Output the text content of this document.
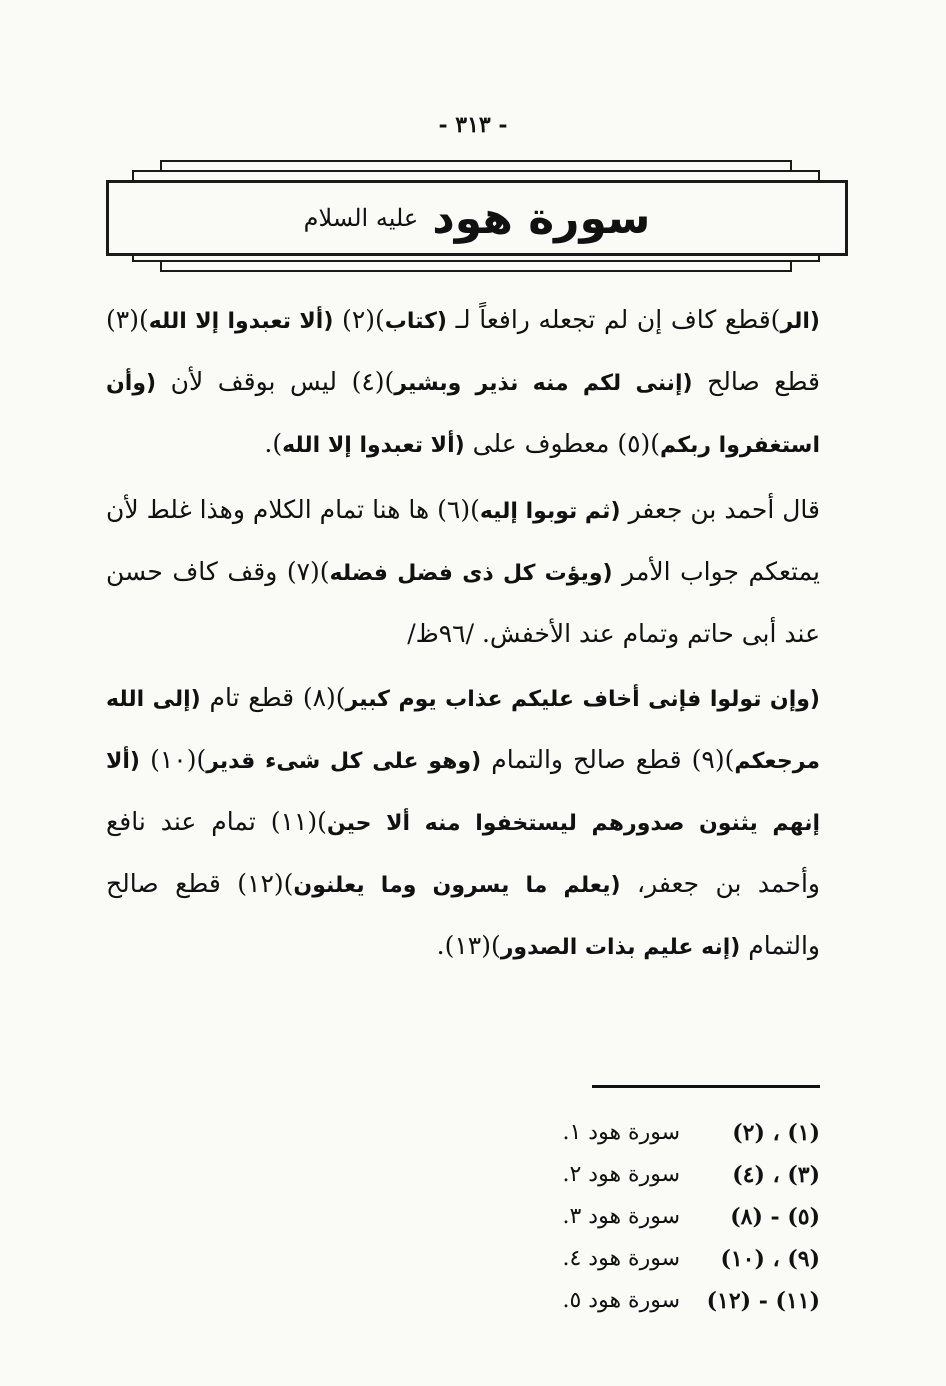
- ٣١٣ -
سورة هود
عليه السلام

(الر)قطع كاف إن لم تجعله رافعاً لـ (كتاب)(٢) (ألا تعبدوا إلا الله)(٣) قطع صالح (إننى لكم منه نذير وبشير)(٤) ليس بوقف لأن (وأن استغفروا ربكم)(٥) معطوف على (ألا تعبدوا إلا الله).

قال أحمد بن جعفر (ثم توبوا إليه)(٦) ها هنا تمام الكلام وهذا غلط لأن يمتعكم جواب الأمر (ويؤت كل ذى فضل فضله)(٧) وقف كاف حسن عند أبى حاتم وتمام عند الأخفش. /٩٦ظ/

(وإن تولوا فإنى أخاف عليكم عذاب يوم كبير)(٨) قطع تام (إلى الله مرجعكم)(٩) قطع صالح والتمام (وهو على كل شىء قدير)(١٠) (ألا إنهم يثنون صدورهم ليستخفوا منه ألا حين)(١١) تمام عند نافع وأحمد بن جعفر، (يعلم ما يسرون وما يعلنون)(١٢) قطع صالح والتمام (إنه عليم بذات الصدور)(١٣).

(١) ، (٢)
سورة هود ١.
(٣) ، (٤)
سورة هود ٢.
(٥) - (٨)
سورة هود ٣.
(٩) ، (١٠)
سورة هود ٤.
(١١) - (١٢)
سورة هود ٥.
